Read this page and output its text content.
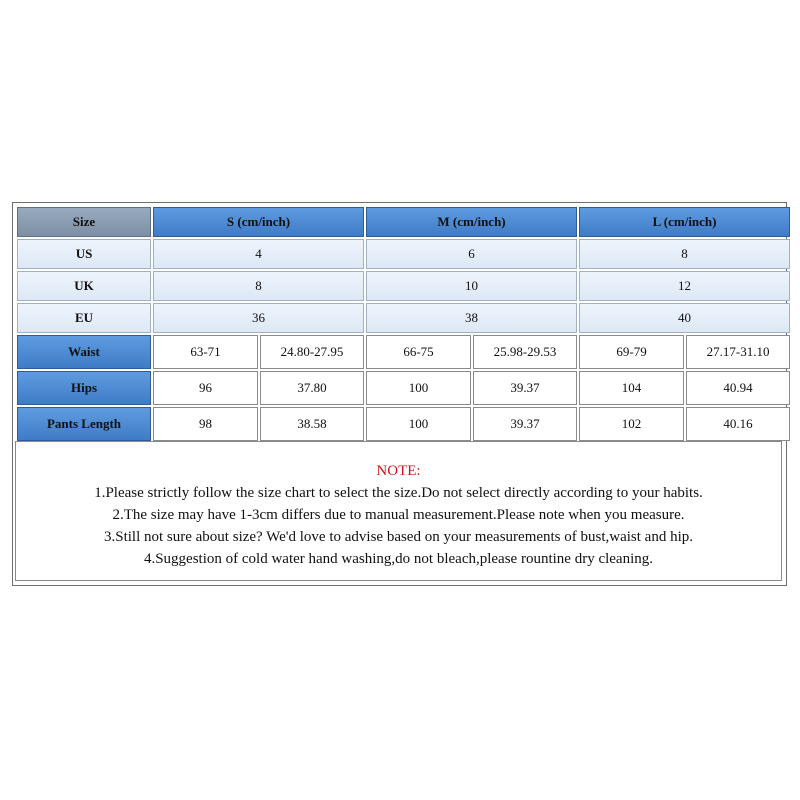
Size	S (cm/inch)		M (cm/inch)		L (cm/inch)	
US	4		6		8	
UK	8		10		12	
EU	36		38		40	
Waist	63-71	24.80-27.95	66-75	25.98-29.53	69-79	27.17-31.10
Hips	96	37.80	100	39.37	104	40.94
Pants Length	98	38.58	100	39.37	102	40.16
NOTE:
1.Please strictly follow the size chart to select the size.Do not select directly according to your habits.
2.The size may have 1-3cm differs due to manual measurement.Please note when you measure.
3.Still not sure about size? We'd love to advise based on your measurements of bust,waist and hip.
4.Suggestion of cold water hand washing,do not bleach,please rountine dry cleaning.
